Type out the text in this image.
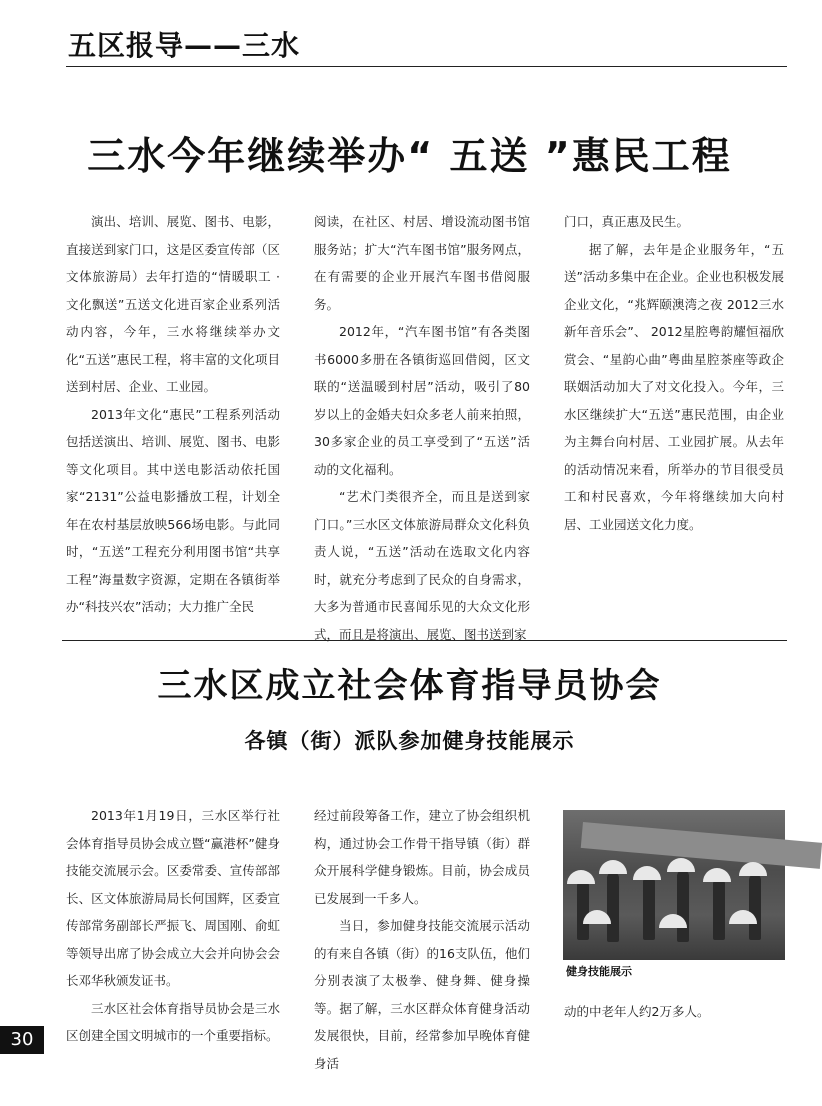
五区报导——三水
三水今年继续举办“ 五送 ”惠民工程

演出、培训、展览、图书、电影，直接送到家门口，这是区委宣传部（区文体旅游局）去年打造的“情暖职工 · 文化飘送”五送文化进百家企业系列活动内容，今年，三水将继续举办文化“五送”惠民工程，将丰富的文化项目送到村居、企业、工业园。

2013年文化“惠民”工程系列活动包括送演出、培训、展览、图书、电影等文化项目。其中送电影活动依托国家“2131”公益电影播放工程，计划全年在农村基层放映566场电影。与此同时，“五送”工程充分利用图书馆“共享工程”海量数字资源，定期在各镇街举办“科技兴农”活动；大力推广全民

阅读，在社区、村居、增设流动图书馆服务站；扩大“汽车图书馆”服务网点，在有需要的企业开展汽车图书借阅服务。

2012年，“汽车图书馆”有各类图书6000多册在各镇街巡回借阅，区文联的“送温暖到村居”活动，吸引了80岁以上的金婚夫妇众多老人前来拍照，30多家企业的员工享受到了“五送”活动的文化福利。

“艺术门类很齐全，而且是送到家门口。”三水区文体旅游局群众文化科负责人说，“五送”活动在选取文化内容时，就充分考虑到了民众的自身需求，大多为普通市民喜闻乐见的大众文化形式，而且是将演出、展览、图书送到家

门口，真正惠及民生。

据了解，去年是企业服务年，“五送”活动多集中在企业。企业也积极发展企业文化，“兆辉颐澳湾之夜 2012三水新年音乐会”、 2012星腔粤韵耀恒福欣赏会、“星韵心曲”粤曲星腔茶座等政企联姻活动加大了对文化投入。今年，三水区继续扩大“五送”惠民范围，由企业为主舞台向村居、工业园扩展。从去年的活动情况来看，所举办的节目很受员工和村民喜欢，今年将继续加大向村居、工业园送文化力度。

三水区成立社会体育指导员协会
各镇（街）派队参加健身技能展示

2013年1月19日，三水区举行社会体育指导员协会成立暨“赢港杯”健身技能交流展示会。区委常委、宣传部部长、区文体旅游局局长何国辉，区委宣传部常务副部长严振飞、周国刚、俞虹等领导出席了协会成立大会并向协会会长邓华秋颁发证书。

三水区社会体育指导员协会是三水区创建全国文明城市的一个重要指标。

经过前段筹备工作，建立了协会组织机构，通过协会工作骨干指导镇（街）群众开展科学健身锻炼。目前，协会成员已发展到一千多人。

当日，参加健身技能交流展示活动的有来自各镇（街）的16支队伍，他们分别表演了太极拳、健身舞、健身操等。据了解，三水区群众体育健身活动发展很快，目前，经常参加早晚体育健身活

健身技能展示

动的中老年人约2万多人。

30
